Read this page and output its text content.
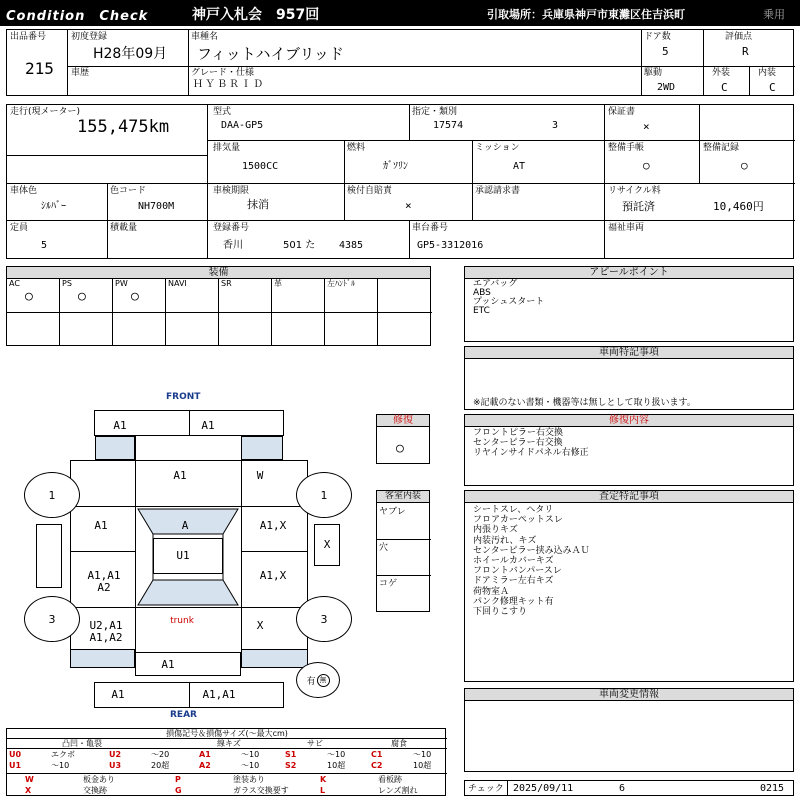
Condition　Check	神戸入札会　957回	引取場所：兵庫県神戸市東灘区住吉浜町	乗用
出品番号
215
初度登録
H28年09月
車歴
車種名
フィットハイブリッド
グレード・仕様
ＨＹＢＲＩＤ
ドア数
5
評価点
R
駆動
2WD
外装
C
内装
C
走行(現メーター)
155,475km
型式
DAA-GP5
指定・類別
17574	3
保証書
×
排気量
1500CC
燃料
ｶﾞｿﾘﾝ
ミッション
AT
整備手帳
○
整備記録
○
車体色
ｼﾙﾊﾞｰ
色コード
NH700M
車検期限
抹消
検付自賠責
×
承認請求書	リサイクル料
預託済	10,460円
定員
5
積載量	登録番号
香川	501 た 4385
車台番号
GP5-3312016
福祉車両
装備
AC
○
PS
○
PW
○
NAVI	SR	革	左ﾊﾝﾄﾞﾙ
アピールポイント
エアバッグ
ABS
プッシュスタート
ETC
車両特記事項
※記載のない書類・機器等は無しとして取り扱います。
修復内容
フロントピラー右交換
センターピラー右交換
リヤインサイドパネル右修正
査定特記事項
シートスレ、ヘタリ
フロアカーペットスレ
内張りキズ
内装汚れ、キズ
センターピラー挟み込みＡＵ
ホイールカバーキズ
フロントバンパースレ
ドアミラー左右キズ
荷物室Ａ
パンク修理キット有
下回りこすり
車両変更情報
チェック 2025/09/11	6	0215
修復
○
客室内装
ヤブレ
穴
コゲ
FRONT
REAR
A1	A1
A1	W
A1	A	A1,X
U1
A1,A1
A2
A1,X
trunk
U2,A1
A1,A2
X
A1
A1	A1,A1
1	1
3	3
X
有 無
損傷記号＆損傷サイズ(～最大cm)
凸凹・亀裂	線キズ	サビ	腐食
U0	エクボ	U2	～20	A1	～10	S1	～10	C1	～10
U1	～10	U3	20超	A2	～10	S2	10超	C2	10超
W	板金あり	P	塗装あり	K	看板跡
X	交換跡	G	ガラス交換要す	L	レンズ割れ
